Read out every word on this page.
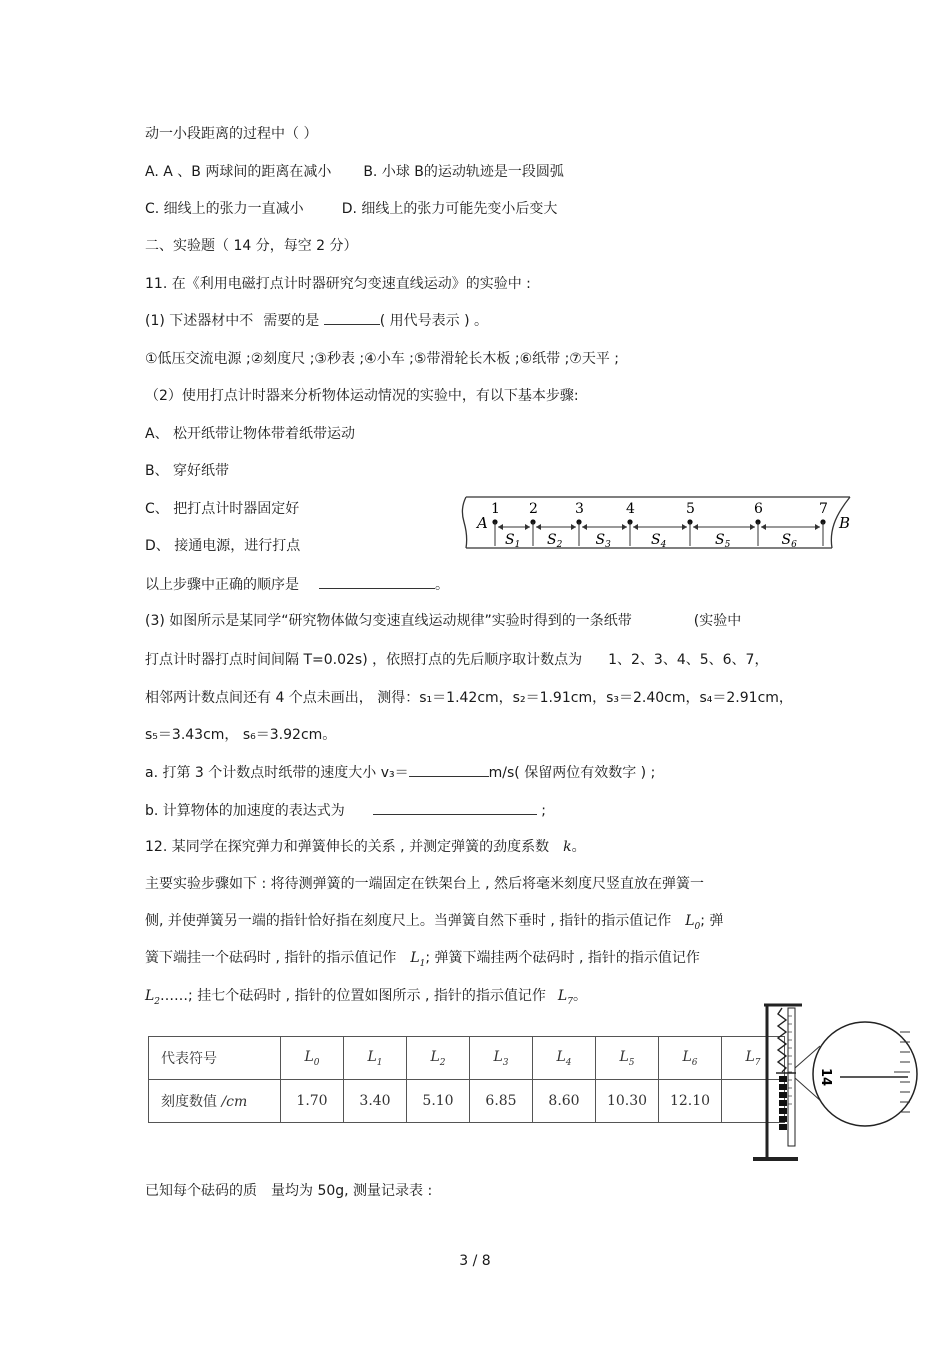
动一小段距离的过程中（ ）
A. A 、B 两球间的距离在减小 B. 小球 B的运动轨迹是一段圆弧
C. 细线上的张力一直减小	D. 细线上的张力可能先变小后变大
二、实验题（ 14 分，每空 2 分）
11. 在《利用电磁打点计时器研究匀变速直线运动》的实验中 :
(1) 下述器材中不 需要的是	( 用代号表示 ) 。
①低压交流电源 ;②刻度尺 ;③秒表 ;④小车 ;⑤带滑轮长木板 ;⑥纸带 ;⑦天平 ;
（2）使用打点计时器来分析物体运动情况的实验中，有以下基本步骤:
A、 松开纸带让物体带着纸带运动
B、 穿好纸带
C、 把打点计时器固定好
D、 接通电源，进行打点
A	B
1 2	3	4	5	6	7
$S_1$ $S_2$ $S_3$	$S_4$	$S_5$	$S_6$
以上步骤中正确的顺序是	。
(3) 如图所示是某同学“研究物体做匀变速直线运动规律”实验时得到的一条纸带	(实验中
打点计时器打点时间间隔 T=0.02s) ，依照打点的先后顺序取计数点为 1、2、3、4、5、6、7，
相邻两计数点间还有 4 个点未画出， 测得：s₁＝1.42cm，s₂＝1.91cm，s₃＝2.40cm，s₄＝2.91cm，
s₅＝3.43cm， s₆＝3.92cm。
a. 打第 3 个计数点时纸带的速度大小 v₃＝	m/s( 保留两位有效数字 ) ;
b. 计算物体的加速度的表达式为	;
12. 某同学在探究弹力和弹簧伸长的关系 , 并测定弹簧的劲度系数 k。
主要实验步骤如下 : 将待测弹簧的一端固定在铁架台上 , 然后将毫米刻度尺竖直放在弹簧一
侧, 并使弹簧另一端的指针恰好指在刻度尺上。当弹簧自然下垂时 , 指针的指示值记作 $L_0$; 弹
簧下端挂一个砝码时 , 指针的指示值记作 $L_1$; 弹簧下端挂两个砝码时 , 指针的指示值记作
$L_2\dots\dots$; 挂七个砝码时 , 指针的位置如图所示 , 指针的指示值记作 $L_7$。
代表符号	$L_0$	$L_1$	$L_2$	$L_3$	$L_4$	$L_5$	$L_6$	$L_7$
刻度数值 /cm	1.70	3.40	5.10	6.85	8.60	10.30	12.10	
14
已知每个砝码的质 量均为 50g, 测量记录表 :
3 / 8
